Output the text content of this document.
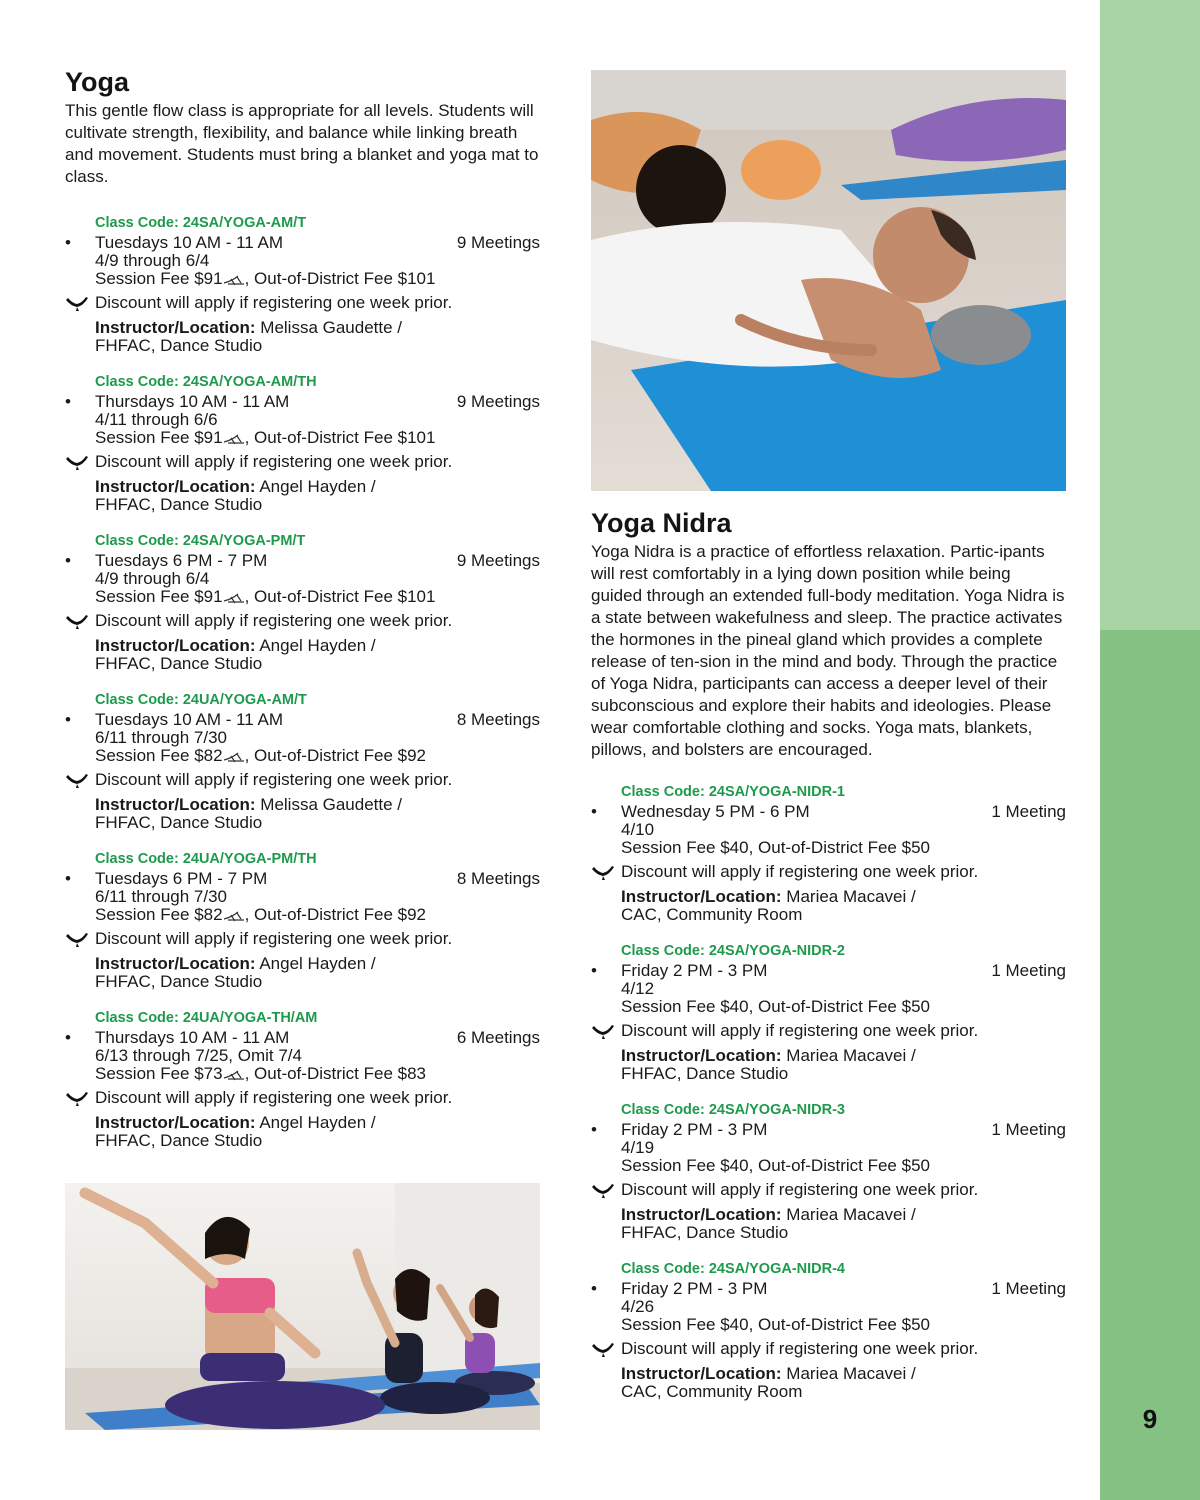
9
Yoga

This gentle flow class is appropriate for all levels. Students will cultivate strength, flexibility, and balance while linking breath and movement. Students must bring a blanket and yoga mat to class.

Class Code: 24SA/YOGA-AM/T
• Tuesdays 10 AM - 11 AM	9 Meetings
4/9 through 6/4
Session Fee $91 , Out-of-District Fee $101
Discount will apply if registering one week prior.
Instructor/Location: Melissa Gaudette /
FHFAC, Dance Studio
Class Code: 24SA/YOGA-AM/TH
• Thursdays 10 AM - 11 AM	9 Meetings
4/11 through 6/6
Session Fee $91 , Out-of-District Fee $101
Discount will apply if registering one week prior.
Instructor/Location: Angel Hayden /
FHFAC, Dance Studio
Class Code: 24SA/YOGA-PM/T
• Tuesdays 6 PM - 7 PM	9 Meetings
4/9 through 6/4
Session Fee $91 , Out-of-District Fee $101
Discount will apply if registering one week prior.
Instructor/Location: Angel Hayden /
FHFAC, Dance Studio
Class Code: 24UA/YOGA-AM/T
• Tuesdays 10 AM - 11 AM	8 Meetings
6/11 through 7/30
Session Fee $82 , Out-of-District Fee $92
Discount will apply if registering one week prior.
Instructor/Location: Melissa Gaudette /
FHFAC, Dance Studio
Class Code: 24UA/YOGA-PM/TH
• Tuesdays 6 PM - 7 PM	8 Meetings
6/11 through 7/30
Session Fee $82 , Out-of-District Fee $92
Discount will apply if registering one week prior.
Instructor/Location: Angel Hayden /
FHFAC, Dance Studio
Class Code: 24UA/YOGA-TH/AM
• Thursdays 10 AM - 11 AM	6 Meetings
6/13 through 7/25, Omit 7/4
Session Fee $73 , Out-of-District Fee $83
Discount will apply if registering one week prior.
Instructor/Location: Angel Hayden /
FHFAC, Dance Studio
Yoga Nidra

Yoga Nidra is a practice of effortless relaxation. Partic-ipants will rest comfortably in a lying down position while being guided through an extended full-body meditation. Yoga Nidra is a state between wakefulness and sleep. The practice activates the hormones in the pineal gland which provides a complete release of ten-sion in the mind and body. Through the practice of Yoga Nidra, participants can access a deeper level of their subconscious and explore their habits and ideologies. Please wear comfortable clothing and socks. Yoga mats, blankets, pillows, and bolsters are encouraged.

Class Code: 24SA/YOGA-NIDR-1
• Wednesday 5 PM - 6 PM	1 Meeting
4/10
Session Fee $40, Out-of-District Fee $50
Discount will apply if registering one week prior.
Instructor/Location: Mariea Macavei /
CAC, Community Room
Class Code: 24SA/YOGA-NIDR-2
• Friday 2 PM - 3 PM	1 Meeting
4/12
Session Fee $40, Out-of-District Fee $50
Discount will apply if registering one week prior.
Instructor/Location: Mariea Macavei /
FHFAC, Dance Studio
Class Code: 24SA/YOGA-NIDR-3
• Friday 2 PM - 3 PM	1 Meeting
4/19
Session Fee $40, Out-of-District Fee $50
Discount will apply if registering one week prior.
Instructor/Location: Mariea Macavei /
FHFAC, Dance Studio
Class Code: 24SA/YOGA-NIDR-4
• Friday 2 PM - 3 PM	1 Meeting
4/26
Session Fee $40, Out-of-District Fee $50
Discount will apply if registering one week prior.
Instructor/Location: Mariea Macavei /
CAC, Community Room
